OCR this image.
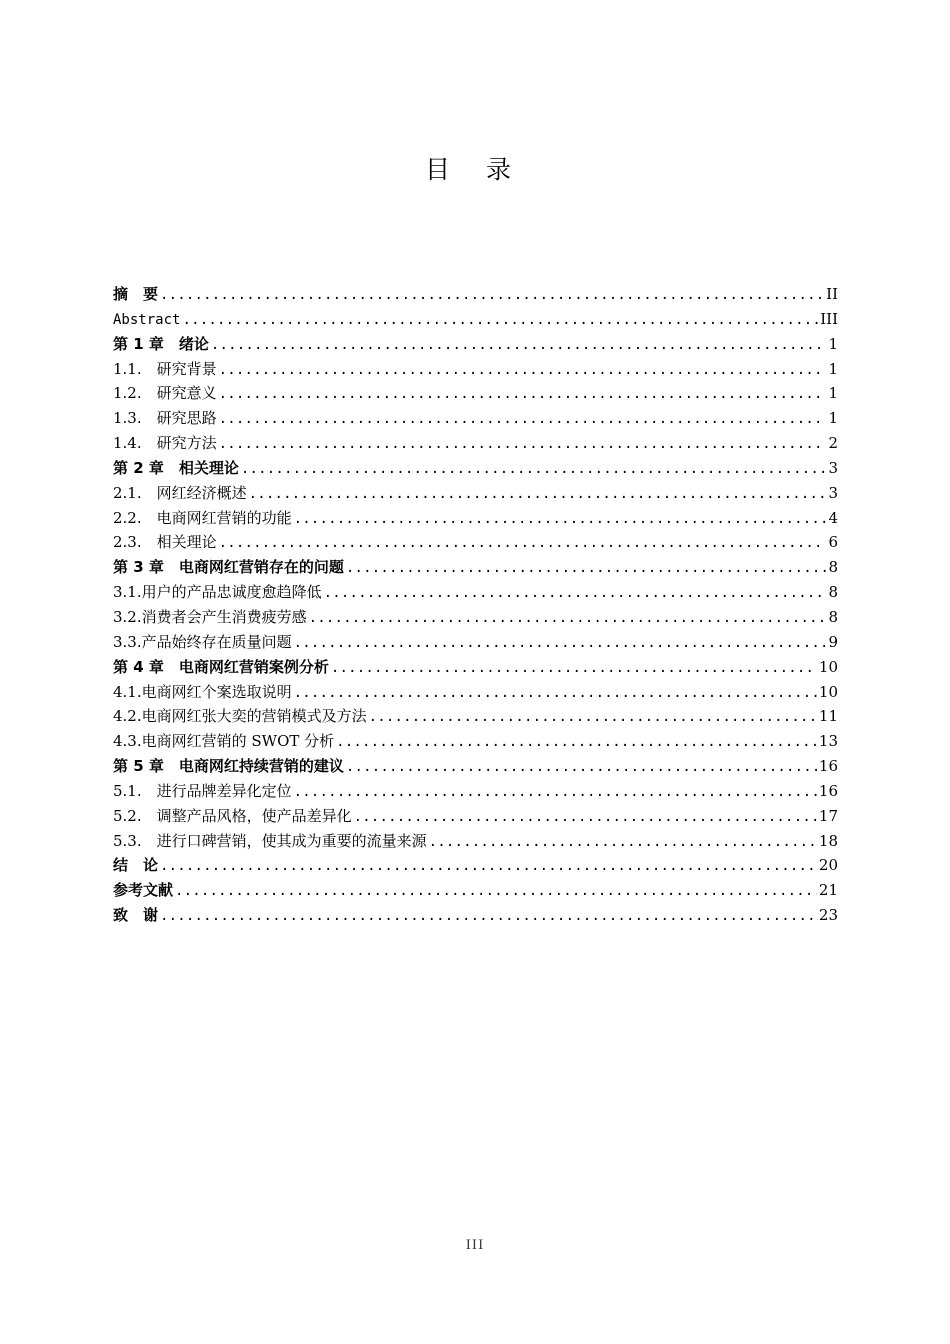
目 录
摘　要 .....	II
Abstract .....	III
第 1 章　绪论 .....	1
1.1.　研究背景 .....	1
1.2.　研究意义 .....	1
1.3.　研究思路 .....	1
1.4.　研究方法 .....	2
第 2 章　相关理论 .....	3
2.1.　网红经济概述 .....	3
2.2.　电商网红营销的功能 .....	4
2.3.　相关理论 .....	6
第 3 章　电商网红营销存在的问题 .....	8
3.1.用户的产品忠诚度愈趋降低 .....	8
3.2.消费者会产生消费疲劳感 .....	8
3.3.产品始终存在质量问题 .....	9
第 4 章　电商网红营销案例分析 .....	10
4.1.电商网红个案选取说明 .....	10
4.2.电商网红张大奕的营销模式及方法 .....	11
4.3.电商网红营销的 SWOT 分析 .....	13
第 5 章　电商网红持续营销的建议 .....	16
5.1.　进行品牌差异化定位 .....	16
5.2.　调整产品风格，使产品差异化 .....	17
5.3.　进行口碑营销，使其成为重要的流量来源 .....	18
结　论 .....	20
参考文献 .....	21
致　谢 .....	23
III
